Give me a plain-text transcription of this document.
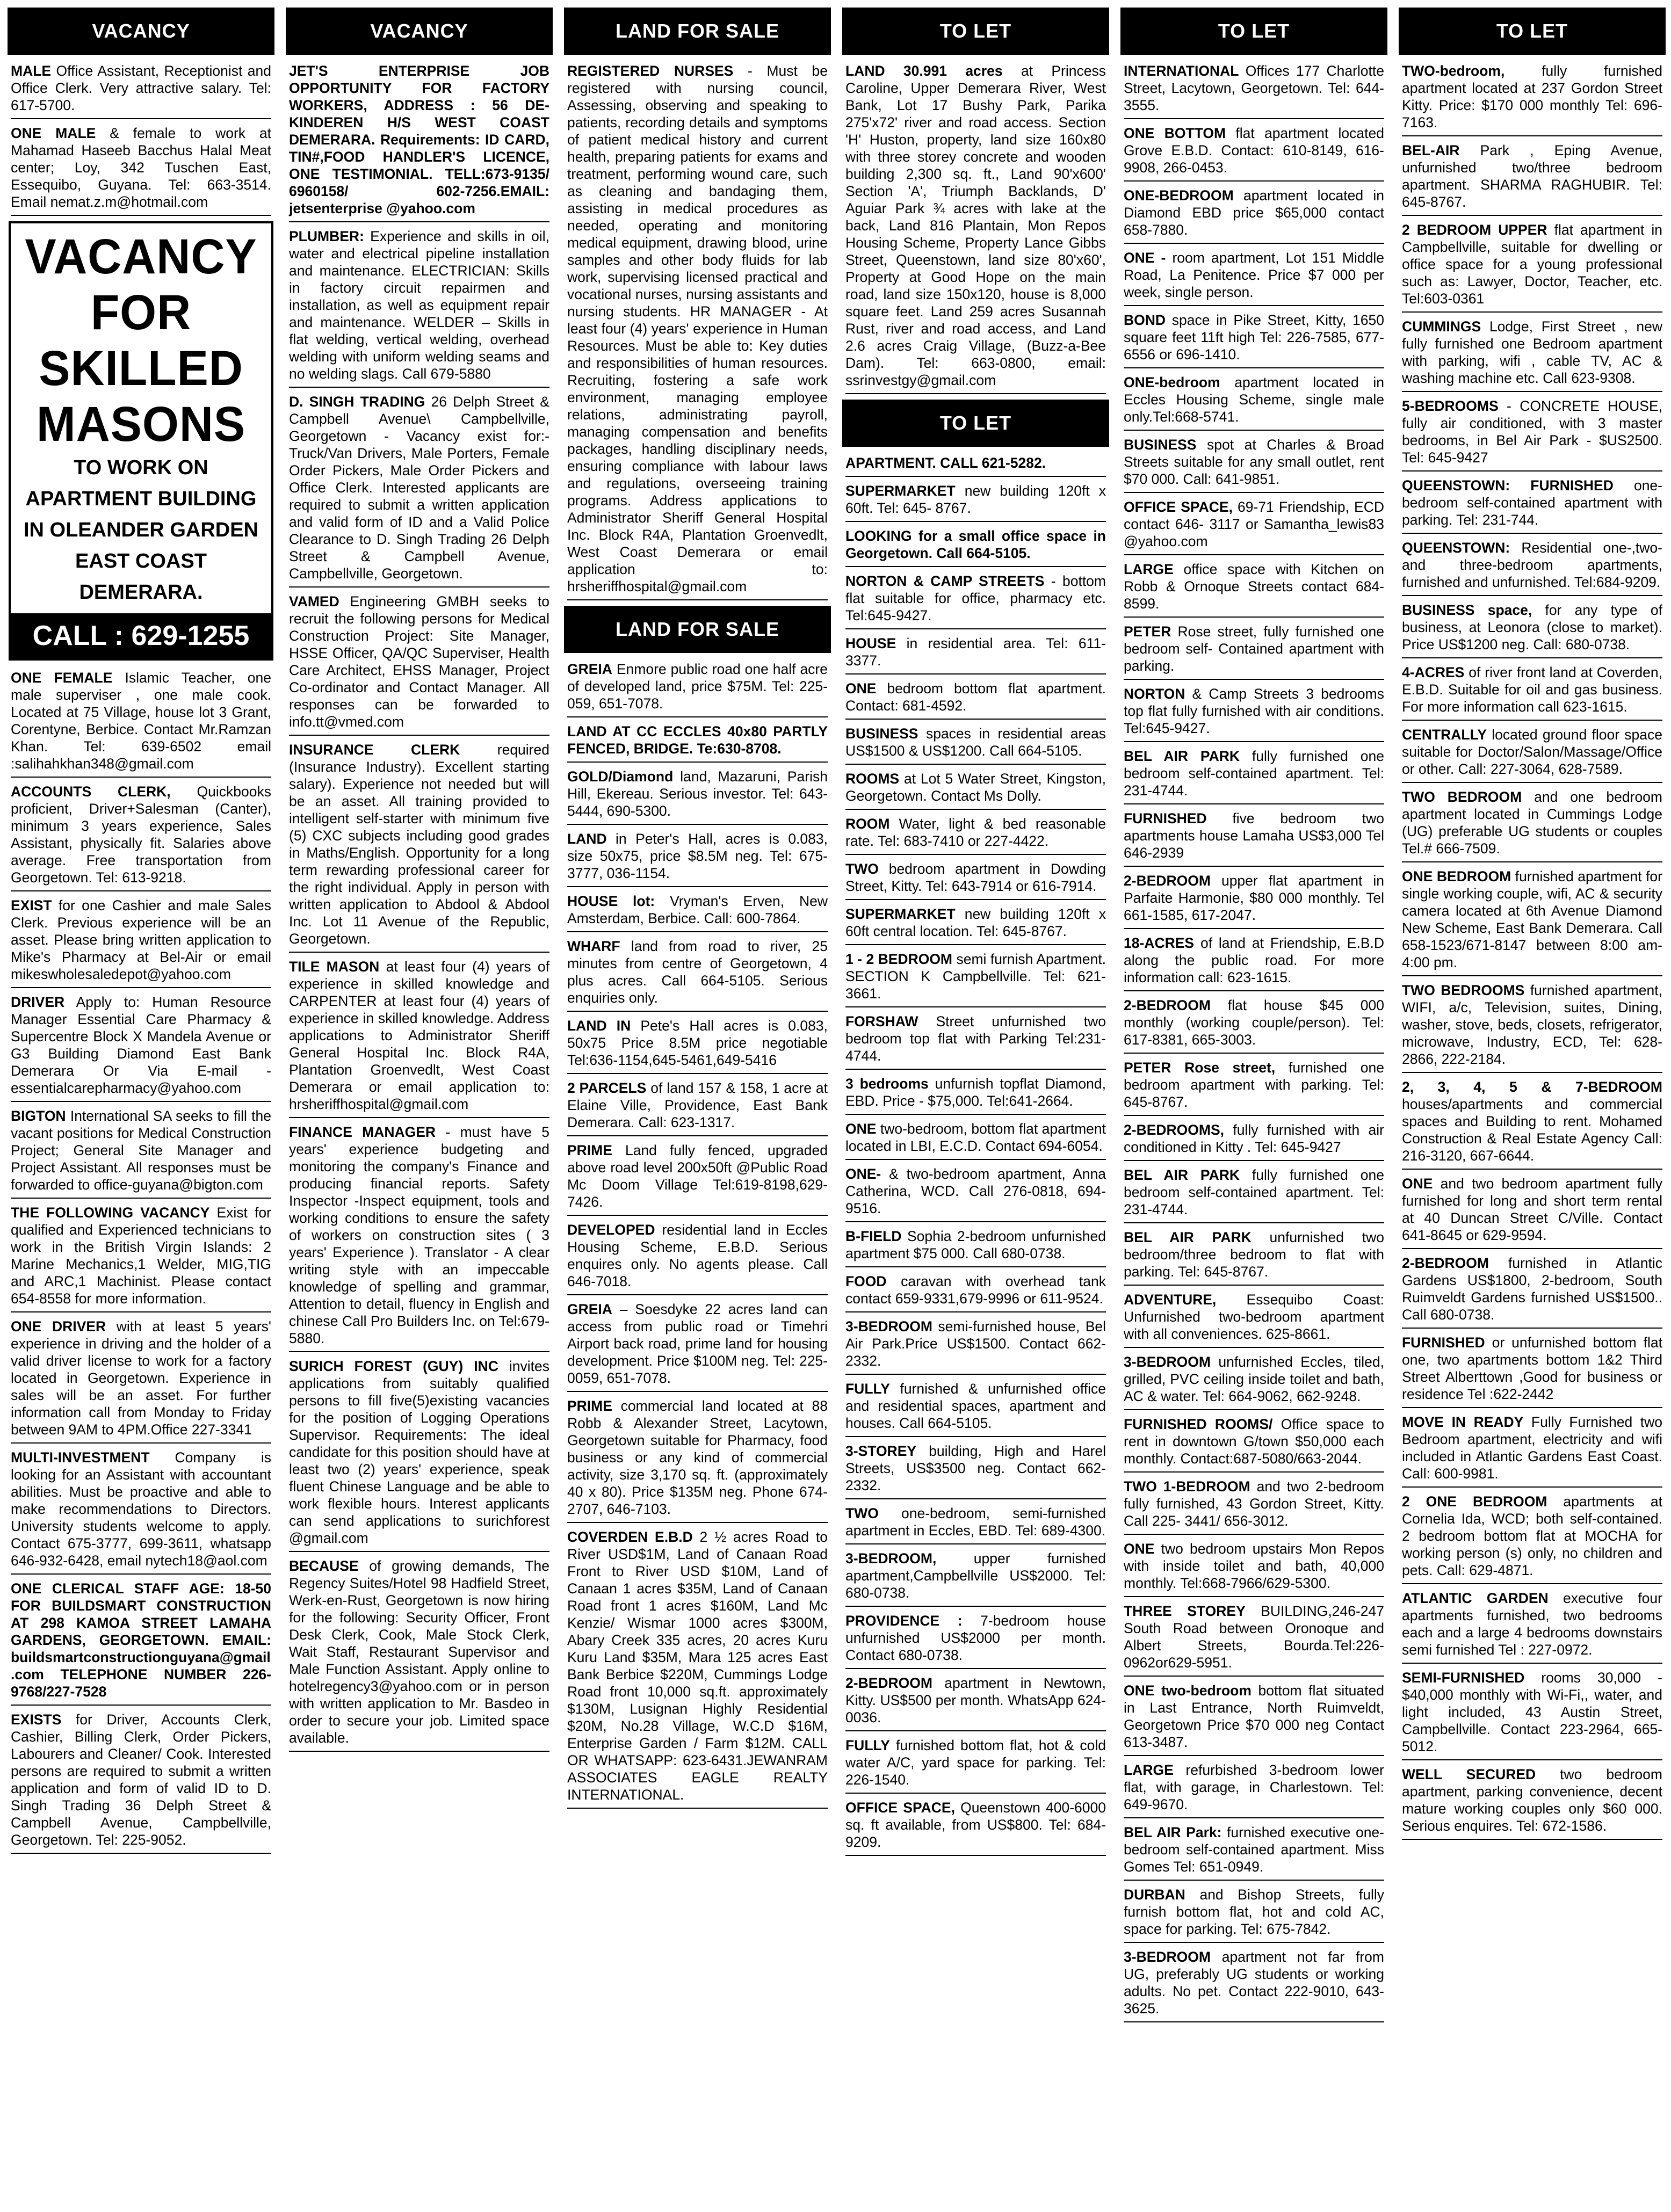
VACANCY
MALE Office Assistant, Receptionist and Office Clerk. Very attractive salary. Tel: 617-5700.
ONE MALE & female to work at Mahamad Haseeb Bacchus Halal Meat center; Loy, 342 Tuschen East, Essequibo, Guyana. Tel: 663-3514. Email nemat.z.m@hotmail.com
VACANCY
FOR
SKILLED
MASONS
TO WORK ON
APARTMENT BUILDING
IN OLEANDER GARDEN
EAST COAST DEMERARA.
CALL : 629-1255
ONE FEMALE Islamic Teacher, one male superviser , one male cook. Located at 75 Village, house lot 3 Grant, Corentyne, Berbice. Contact Mr.Ramzan Khan. Tel: 639-6502 email :salihahkhan348@gmail.com
ACCOUNTS CLERK, Quickbooks proficient, Driver+Salesman (Canter), minimum 3 years experience, Sales Assistant, physically fit. Salaries above average. Free transportation from Georgetown. Tel: 613-9218.
EXIST for one Cashier and male Sales Clerk. Previous experience will be an asset. Please bring written application to Mike's Pharmacy at Bel-Air or email mikeswholesaledepot@yahoo.com
DRIVER Apply to: Human Resource Manager Essential Care Pharmacy & Supercentre Block X Mandela Avenue or G3 Building Diamond East Bank Demerara Or Via E-mail - essentialcarepharmacy@yahoo.com
BIGTON International SA seeks to fill the vacant positions for Medical Construction Project; General Site Manager and Project Assistant. All responses must be forwarded to office-guyana@bigton.com
THE FOLLOWING VACANCY Exist for qualified and Experienced technicians to work in the British Virgin Islands: 2 Marine Mechanics,1 Welder, MIG,TIG and ARC,1 Machinist. Please contact 654-8558 for more information.
ONE DRIVER with at least 5 years' experience in driving and the holder of a valid driver license to work for a factory located in Georgetown. Experience in sales will be an asset. For further information call from Monday to Friday between 9AM to 4PM.Office 227-3341
MULTI-INVESTMENT Company is looking for an Assistant with accountant abilities. Must be proactive and able to make recommendations to Directors. University students welcome to apply. Contact 675-3777, 699-3611, whatsapp 646-932-6428, email nytech18@aol.com
ONE CLERICAL STAFF AGE: 18-50 FOR BUILDSMART CONSTRUCTION AT 298 KAMOA STREET LAMAHA GARDENS, GEORGETOWN. EMAIL: buildsmartconstructionguyana@gmail.com TELEPHONE NUMBER 226-9768/227-7528
EXISTS for Driver, Accounts Clerk, Cashier, Billing Clerk, Order Pickers, Labourers and Cleaner/ Cook. Interested persons are required to submit a written application and form of valid ID to D. Singh Trading 36 Delph Street & Campbell Avenue, Campbellville, Georgetown. Tel: 225-9052.
VACANCY
JET'S ENTERPRISE JOB OPPORTUNITY FOR FACTORY WORKERS, ADDRESS : 56 DE-KINDEREN H/S WEST COAST DEMERARA. Requirements: ID CARD, TIN#,FOOD HANDLER'S LICENCE, ONE TESTIMONIAL. TELL:673-9135/ 6960158/ 602-7256.EMAIL: jetsenterprise @yahoo.com
PLUMBER: Experience and skills in oil, water and electrical pipeline installation and maintenance. ELECTRICIAN: Skills in factory circuit repairmen and installation, as well as equipment repair and maintenance. WELDER – Skills in flat welding, vertical welding, overhead welding with uniform welding seams and no welding slags. Call 679-5880
D. SINGH TRADING 26 Delph Street & Campbell Avenue\ Campbellville, Georgetown - Vacancy exist for:-Truck/Van Drivers, Male Porters, Female Order Pickers, Male Order Pickers and Office Clerk. Interested applicants are required to submit a written application and valid form of ID and a Valid Police Clearance to D. Singh Trading 26 Delph Street & Campbell Avenue, Campbellville, Georgetown.
VAMED Engineering GMBH seeks to recruit the following persons for Medical Construction Project: Site Manager, HSSE Officer, QA/QC Superviser, Health Care Architect, EHSS Manager, Project Co-ordinator and Contact Manager. All responses can be forwarded to info.tt@vmed.com
INSURANCE CLERK	required (Insurance Industry). Excellent starting salary). Experience not needed but will be an asset. All training provided to intelligent self-starter with minimum five (5) CXC subjects including good grades in Maths/English. Opportunity for a long term rewarding professional career for the right individual. Apply in person with written application to Abdool & Abdool Inc. Lot 11 Avenue of the Republic, Georgetown.
TILE MASON at least four (4) years of experience in skilled knowledge and CARPENTER at least four (4) years of experience in skilled knowledge. Address applications to Administrator Sheriff General Hospital Inc. Block R4A, Plantation Groenvedlt, West Coast Demerara or email application to: hrsheriffhospital@gmail.com
FINANCE MANAGER - must have 5 years' experience budgeting and monitoring the company's Finance and producing financial reports. Safety Inspector -Inspect equipment, tools and working conditions to ensure the safety of workers on construction sites ( 3 years' Experience ). Translator - A clear writing style with an impeccable knowledge of spelling and grammar, Attention to detail, fluency in English and chinese Call Pro Builders Inc. on Tel:679-5880.
SURICH FOREST (GUY) INC invites applications from suitably qualified persons to fill five(5)existing vacancies for the position of Logging Operations Supervisor. Requirements: The ideal candidate for this position should have at least two (2) years' experience, speak fluent Chinese Language and be able to work flexible hours. Interest applicants can send applications to surichforest @gmail.com
BECAUSE of growing demands, The Regency Suites/Hotel 98 Hadfield Street, Werk-en-Rust, Georgetown is now hiring for the following: Security Officer, Front Desk Clerk, Cook, Male Stock Clerk, Wait Staff, Restaurant Supervisor and Male Function Assistant. Apply online to hotelregency3@yahoo.com or in person with written application to Mr. Basdeo in order to secure your job. Limited space available.
LAND FOR SALE
REGISTERED NURSES - Must be registered with nursing council, Assessing, observing and speaking to patients, recording details and symptoms of patient medical history and current health, preparing patients for exams and treatment, performing wound care, such as cleaning and bandaging them, assisting in medical procedures as needed, operating and monitoring medical equipment, drawing blood, urine samples and other body fluids for lab work, supervising licensed practical and vocational nurses, nursing assistants and nursing students. HR MANAGER - At least four (4) years' experience in Human Resources. Must be able to: Key duties and responsibilities of human resources. Recruiting, fostering a safe work environment, managing employee relations, administrating payroll, managing compensation and benefits packages, handling disciplinary needs, ensuring compliance with labour laws and regulations, overseeing training programs. Address applications to Administrator Sheriff General Hospital Inc. Block R4A, Plantation Groenvedlt, West Coast Demerara or email application to: hrsheriffhospital@gmail.com
LAND FOR SALE
GREIA Enmore public road one half acre of developed land, price $75M. Tel: 225-059, 651-7078.
LAND AT CC ECCLES 40x80 PARTLY FENCED, BRIDGE. Te:630-8708.
GOLD/Diamond land, Mazaruni, Parish Hill, Ekereau. Serious investor. Tel: 643-5444, 690-5300.
LAND in Peter's Hall, acres is 0.083, size 50x75, price $8.5M neg. Tel: 675-3777, 036-1154.
HOUSE lot: Vryman's Erven, New Amsterdam, Berbice. Call: 600-7864.
WHARF land from road to river, 25 minutes from centre of Georgetown, 4 plus acres. Call 664-5105. Serious enquiries only.
LAND IN Pete's Hall acres is 0.083, 50x75 Price 8.5M price negotiable Tel:636-1154,645-5461,649-5416
2 PARCELS of land 157 & 158, 1 acre at Elaine Ville, Providence, East Bank Demerara. Call: 623-1317.
PRIME Land fully fenced, upgraded above road level 200x50ft @Public Road Mc Doom Village Tel:619-8198,629-7426.
DEVELOPED residential land in Eccles Housing Scheme, E.B.D. Serious enquires only. No agents please. Call 646-7018.
GREIA – Soesdyke 22 acres land can access from public road or Timehri Airport back road, prime land for housing development. Price $100M neg. Tel: 225-0059, 651-7078.
PRIME commercial land located at 88 Robb & Alexander Street, Lacytown, Georgetown suitable for Pharmacy, food business or any kind of commercial activity, size 3,170 sq. ft. (approximately 40 x 80). Price $135M neg. Phone 674-2707, 646-7103.
COVERDEN E.B.D 2 ½ acres Road to River USD$1M, Land of Canaan Road Front to River USD $10M, Land of Canaan 1 acres $35M, Land of Canaan Road front 1 acres $160M, Land Mc Kenzie/ Wismar 1000 acres $300M, Abary Creek 335 acres, 20 acres Kuru Kuru Land $35M, Mara 125 acres East Bank Berbice $220M, Cummings Lodge Road front 10,000 sq.ft. approximately $130M, Lusignan Highly Residential $20M, No.28 Village, W.C.D $16M, Enterprise Garden / Farm $12M. CALL OR WHATSAPP: 623-6431.JEWANRAM ASSOCIATES EAGLE REALTY INTERNATIONAL.
TO LET
LAND 30.991 acres at Princess Caroline, Upper Demerara River, West Bank, Lot 17 Bushy Park, Parika 275'x72' river and road access. Section 'H' Huston, property, land size 160x80 with three storey concrete and wooden building 2,300 sq. ft., Land 90'x600' Section 'A', Triumph Backlands, D' Aguiar Park ¾ acres with lake at the back, Land 816 Plantain, Mon Repos Housing Scheme, Property Lance Gibbs Street, Queenstown, land size 80'x60', Property at Good Hope on the main road, land size 150x120, house is 8,000 square feet. Land 259 acres Susannah Rust, river and road access, and Land 2.6 acres Craig Village, (Buzz-a-Bee Dam). Tel: 663-0800, email: ssrinvestgy@gmail.com
TO LET
APARTMENT. CALL 621-5282.
SUPERMARKET new building 120ft x 60ft. Tel: 645- 8767.
LOOKING for a small office space in Georgetown. Call 664-5105.
NORTON & CAMP STREETS - bottom flat suitable for office, pharmacy etc. Tel:645-9427.
HOUSE in residential area. Tel: 611-3377.
ONE bedroom bottom flat apartment. Contact: 681-4592.
BUSINESS spaces in residential areas US$1500 & US$1200. Call 664-5105.
ROOMS at Lot 5 Water Street, Kingston, Georgetown. Contact Ms Dolly.
ROOM Water, light & bed reasonable rate. Tel: 683-7410 or 227-4422.
TWO bedroom apartment in Dowding Street, Kitty. Tel: 643-7914 or 616-7914.
SUPERMARKET new building 120ft x 60ft central location. Tel: 645-8767.
1 - 2 BEDROOM semi furnish Apartment. SECTION K Campbellville. Tel: 621-3661.
FORSHAW Street unfurnished two bedroom top flat with Parking Tel:231-4744.
3 bedrooms unfurnish topflat Diamond, EBD. Price - $75,000. Tel:641-2664.
ONE two-bedroom, bottom flat apartment located in LBI, E.C.D. Contact 694-6054.
ONE- & two-bedroom apartment, Anna Catherina, WCD. Call 276-0818, 694-9516.
B-FIELD Sophia 2-bedroom unfurnished apartment $75 000. Call 680-0738.
FOOD caravan with overhead tank contact 659-9331,679-9996 or 611-9524.
3-BEDROOM semi-furnished house, Bel Air Park.Price US$1500. Contact 662-2332.
FULLY furnished & unfurnished office and residential spaces, apartment and houses. Call 664-5105.
3-STOREY building, High and Harel Streets, US$3500 neg. Contact 662-2332.
TWO one-bedroom, semi-furnished apartment in Eccles, EBD. Tel: 689-4300.
3-BEDROOM,	upper furnished apartment,Campbellville US$2000. Tel: 680-0738.
PROVIDENCE : 7-bedroom house unfurnished US$2000 per month. Contact 680-0738.
2-BEDROOM apartment in Newtown, Kitty. US$500 per month. WhatsApp 624-0036.
FULLY furnished bottom flat, hot & cold water A/C, yard space for parking. Tel: 226-1540.
OFFICE SPACE, Queenstown 400-6000 sq. ft available, from US$800. Tel: 684-9209.
TO LET
INTERNATIONAL Offices 177 Charlotte Street, Lacytown, Georgetown. Tel: 644-3555.
ONE BOTTOM flat apartment located Grove E.B.D. Contact: 610-8149, 616-9908, 266-0453.
ONE-BEDROOM apartment located in Diamond EBD price $65,000 contact 658-7880.
ONE - room apartment, Lot 151 Middle Road, La Penitence. Price $7 000 per week, single person.
BOND space in Pike Street, Kitty, 1650 square feet 11ft high Tel: 226-7585, 677-6556 or 696-1410.
ONE-bedroom apartment located in Eccles Housing Scheme, single male only.Tel:668-5741.
BUSINESS spot at Charles & Broad Streets suitable for any small outlet, rent $70 000. Call: 641-9851.
OFFICE SPACE, 69-71 Friendship, ECD contact 646- 3117 or Samantha_lewis83 @yahoo.com
LARGE office space with Kitchen on Robb & Ornoque Streets contact 684-8599.
PETER Rose street, fully furnished one bedroom self- Contained apartment with parking.
NORTON & Camp Streets 3 bedrooms top flat fully furnished with air conditions. Tel:645-9427.
BEL AIR PARK fully furnished one bedroom self-contained apartment. Tel: 231-4744.
FURNISHED five bedroom two apartments house Lamaha US$3,000 Tel 646-2939
2-BEDROOM upper flat apartment in Parfaite Harmonie, $80 000 monthly. Tel 661-1585, 617-2047.
18-ACRES of land at Friendship, E.B.D along the public road. For more information call: 623-1615.
2-BEDROOM flat house $45 000 monthly (working couple/person). Tel: 617-8381, 665-3003.
PETER Rose street, furnished one bedroom apartment with parking. Tel: 645-8767.
2-BEDROOMS, fully furnished with air conditioned in Kitty . Tel: 645-9427
BEL AIR PARK fully furnished one bedroom self-contained apartment. Tel: 231-4744.
BEL AIR PARK unfurnished two bedroom/three bedroom to flat with parking. Tel: 645-8767.
ADVENTURE, Essequibo Coast: Unfurnished two-bedroom apartment with all conveniences. 625-8661.
3-BEDROOM unfurnished Eccles, tiled, grilled, PVC ceiling inside toilet and bath, AC & water. Tel: 664-9062, 662-9248.
FURNISHED ROOMS/ Office space to rent in downtown G/town $50,000 each monthly. Contact:687-5080/663-2044.
TWO 1-BEDROOM and two 2-bedroom fully furnished, 43 Gordon Street, Kitty. Call 225- 3441/ 656-3012.
ONE two bedroom upstairs Mon Repos with inside toilet and bath, 40,000 monthly. Tel:668-7966/629-5300.
THREE STOREY BUILDING,246-247 South Road between Oronoque and Albert Streets, Bourda.Tel:226-0962or629-5951.
ONE two-bedroom bottom flat situated in Last Entrance, North Ruimveldt, Georgetown Price $70 000 neg Contact 613-3487.
LARGE refurbished 3-bedroom lower flat, with garage, in Charlestown. Tel: 649-9670.
BEL AIR Park: furnished executive one-bedroom self-contained apartment. Miss Gomes Tel: 651-0949.
DURBAN and Bishop Streets, fully furnish bottom flat, hot and cold AC, space for parking. Tel: 675-7842.
3-BEDROOM apartment not far from UG, preferably UG students or working adults. No pet. Contact 222-9010, 643-3625.
TO LET
TWO-bedroom,	fully furnished apartment located at 237 Gordon Street Kitty. Price: $170 000 monthly Tel: 696-7163.
BEL-AIR Park , Eping Avenue, unfurnished two/three bedroom apartment. SHARMA RAGHUBIR. Tel: 645-8767.
2 BEDROOM UPPER flat apartment in Campbellville, suitable for dwelling or office space for a young professional such as: Lawyer, Doctor, Teacher, etc. Tel:603-0361
CUMMINGS Lodge, First Street , new fully furnished one Bedroom apartment with parking, wifi , cable TV, AC & washing machine etc. Call 623-9308.
5-BEDROOMS - CONCRETE HOUSE, fully air conditioned, with 3 master bedrooms, in Bel Air Park - $US2500. Tel: 645-9427
QUEENSTOWN: FURNISHED one-bedroom self-contained apartment with parking. Tel: 231-744.
QUEENSTOWN: Residential one-,two-and three-bedroom apartments, furnished and unfurnished. Tel:684-9209.
BUSINESS space, for any type of business, at Leonora (close to market). Price US$1200 neg. Call: 680-0738.
4-ACRES of river front land at Coverden, E.B.D. Suitable for oil and gas business. For more information call 623-1615.
CENTRALLY located ground floor space suitable for Doctor/Salon/Massage/Office or other. Call: 227-3064, 628-7589.
TWO BEDROOM and one bedroom apartment located in Cummings Lodge (UG) preferable UG students or couples Tel.# 666-7509.
ONE BEDROOM furnished apartment for single working couple, wifi, AC & security camera located at 6th Avenue Diamond New Scheme, East Bank Demerara. Call 658-1523/671-8147 between 8:00 am-4:00 pm.
TWO BEDROOMS furnished apartment, WIFI, a/c, Television, suites, Dining, washer, stove, beds, closets, refrigerator, microwave, Industry, ECD, Tel: 628-2866, 222-2184.
2, 3, 4, 5 & 7-BEDROOM houses/apartments and commercial spaces and Building to rent. Mohamed Construction & Real Estate Agency Call: 216-3120, 667-6644.
ONE and two bedroom apartment fully furnished for long and short term rental at 40 Duncan Street C/Ville. Contact 641-8645 or 629-9594.
2-BEDROOM furnished in Atlantic Gardens US$1800, 2-bedroom, South Ruimveldt Gardens furnished US$1500.. Call 680-0738.
FURNISHED or unfurnished bottom flat one, two apartments bottom 1&2 Third Street Alberttown ,Good for business or residence Tel :622-2442
MOVE IN READY Fully Furnished two Bedroom apartment, electricity and wifi included in Atlantic Gardens East Coast. Call: 600-9981.
2 ONE BEDROOM apartments at Cornelia Ida, WCD; both self-contained. 2 bedroom bottom flat at MOCHA for working person (s) only, no children and pets. Call: 629-4871.
ATLANTIC GARDEN executive four apartments furnished, two bedrooms each and a large 4 bedrooms downstairs semi furnished Tel : 227-0972.
SEMI-FURNISHED rooms 30,000 - $40,000 monthly with Wi-Fi,, water, and light included, 43 Austin Street, Campbellville. Contact 223-2964, 665-5012.
WELL SECURED two bedroom apartment, parking convenience, decent mature working couples only $60 000. Serious enquires. Tel: 672-1586.
